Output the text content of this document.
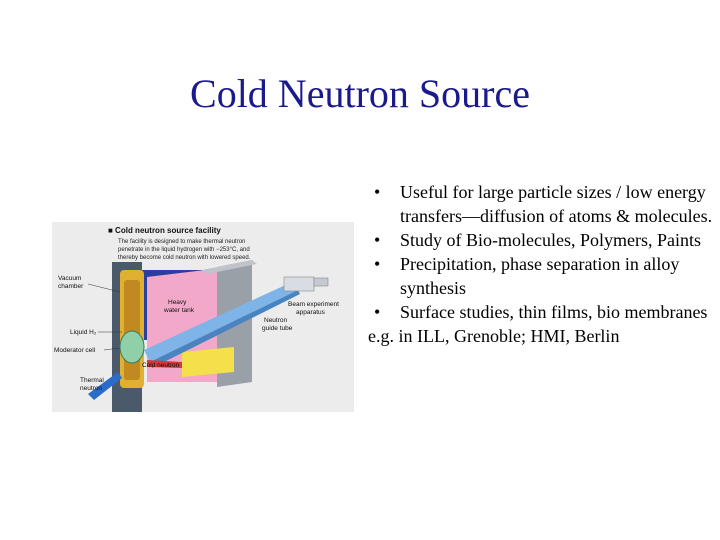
Cold Neutron Source
■ Cold neutron source facility
The facility is designed to make thermal neutron
penetrate in the liquid hydrogen with −253°C, and
thereby become cold neutron with lowered speed.
Vacuum
chamber
Heavy
water tank
Beam experiment
apparatus
Liquid H₂
Neutron
guide tube
Moderator cell
Cold neutron
Thermal
neutron
• Useful for large particle sizes / low energy transfers—diffusion of atoms & molecules.
• Study of Bio-molecules, Polymers, Paints
• Precipitation, phase separation in alloy synthesis
• Surface studies, thin films, bio membranes
e.g. in ILL, Grenoble; HMI, Berlin
